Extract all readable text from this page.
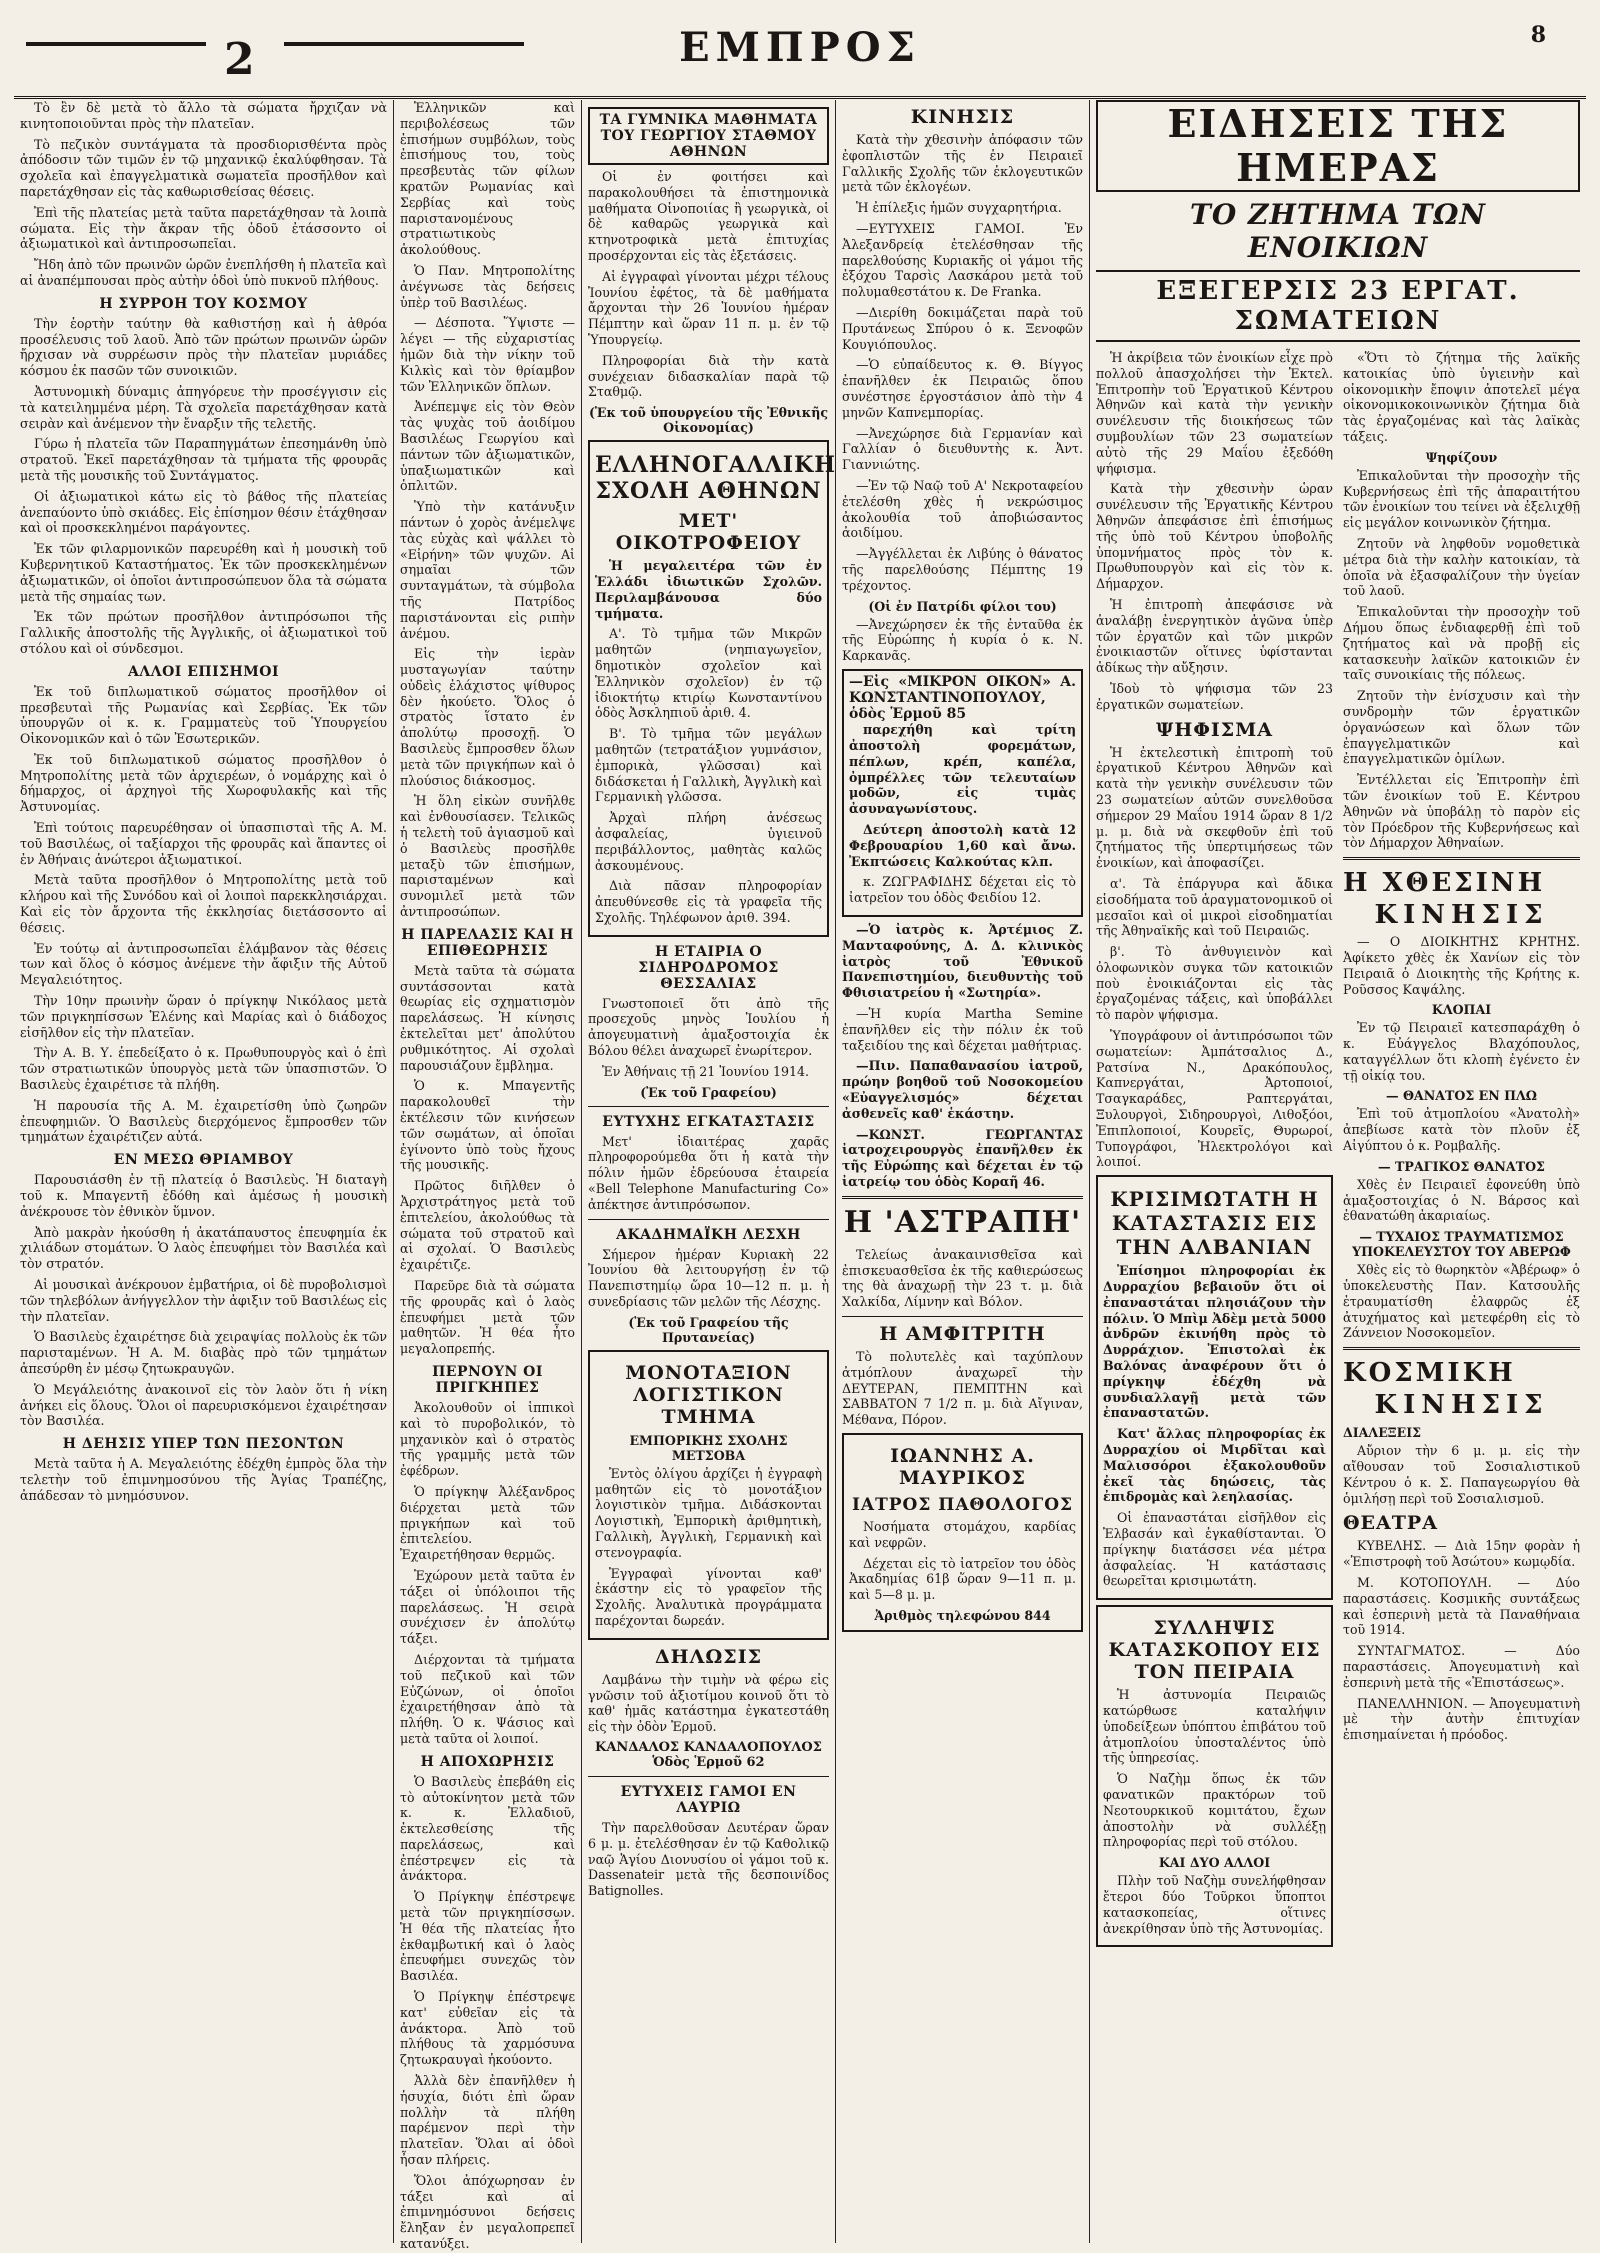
2	ΕΜΠΡΟΣ	8

Τὸ ἓν δὲ μετὰ τὸ ἄλλο τὰ σώματα ἤρχιζαν νὰ κινητοποιοῦνται πρὸς τὴν πλατεῖαν.

Τὸ πεζικὸν συντάγματα τὰ προσδιορισθέντα πρὸς ἀπόδοσιν τῶν τιμῶν ἐν τῷ μηχανικῷ ἐκαλύφθησαν. Τὰ σχολεῖα καὶ ἐπαγγελματικὰ σωματεῖα προσῆλθον καὶ παρετάχθησαν εἰς τὰς καθωρισθείσας θέσεις.

Ἐπὶ τῆς πλατείας μετὰ ταῦτα παρετάχθησαν τὰ λοιπὰ σώματα. Εἰς τὴν ἄκραν τῆς ὁδοῦ ἐτάσσοντο οἱ ἀξιωματικοὶ καὶ ἀντιπροσωπεῖαι.

Ἤδη ἀπὸ τῶν πρωινῶν ὡρῶν ἐνεπλήσθη ἡ πλατεῖα καὶ αἱ ἀναπέμπουσαι πρὸς αὐτὴν ὁδοὶ ὑπὸ πυκνοῦ πλήθους.

Η ΣΥΡΡΟΗ ΤΟΥ ΚΟΣΜΟΥ

Τὴν ἑορτὴν ταύτην θὰ καθιστήσῃ καὶ ἡ ἀθρόα προσέλευσις τοῦ λαοῦ. Ἀπὸ τῶν πρώτων πρωινῶν ὡρῶν ἤρχισαν νὰ συρρέωσιν πρὸς τὴν πλατεῖαν μυριάδες κόσμου ἐκ πασῶν τῶν συνοικιῶν.

Ἀστυνομικὴ δύναμις ἀπηγόρευε τὴν προσέγγισιν εἰς τὰ κατειλημμένα μέρη. Τὰ σχολεῖα παρετάχθησαν κατὰ σειρὰν καὶ ἀνέμενον τὴν ἔναρξιν τῆς τελετῆς.

Γύρω ἡ πλατεῖα τῶν Παραπηγμάτων ἐπεσημάνθη ὑπὸ στρατοῦ. Ἐκεῖ παρετάχθησαν τὰ τμήματα τῆς φρουρᾶς μετὰ τῆς μουσικῆς τοῦ Συντάγματος.

Οἱ ἀξιωματικοὶ κάτω εἰς τὸ βάθος τῆς πλατείας ἀνεπαύοντο ὑπὸ σκιάδες. Εἰς ἐπίσημον θέσιν ἐτάχθησαν καὶ οἱ προσκεκλημένοι παράγοντες.

Ἐκ τῶν φιλαρμονικῶν παρευρέθη καὶ ἡ μουσικὴ τοῦ Κυβερνητικοῦ Καταστήματος. Ἐκ τῶν προσκεκλημένων ἀξιωματικῶν, οἱ ὁποῖοι ἀντιπροσώπευον ὅλα τὰ σώματα μετὰ τῆς σημαίας των.

Ἐκ τῶν πρώτων προσῆλθον ἀντιπρόσωποι τῆς Γαλλικῆς ἀποστολῆς τῆς Ἀγγλικῆς, οἱ ἀξιωματικοὶ τοῦ στόλου καὶ οἱ σύνδεσμοι.

ΑΛΛΟΙ ΕΠΙΣΗΜΟΙ

Ἐκ τοῦ διπλωματικοῦ σώματος προσῆλθον οἱ πρεσβευταὶ τῆς Ρωμανίας καὶ Σερβίας. Ἐκ τῶν ὑπουργῶν οἱ κ. κ. Γραμματεὺς τοῦ Ὑπουργείου Οἰκονομικῶν καὶ ὁ τῶν Ἐσωτερικῶν.

Ἐκ τοῦ διπλωματικοῦ σώματος προσῆλθον ὁ Μητροπολίτης μετὰ τῶν ἀρχιερέων, ὁ νομάρχης καὶ ὁ δήμαρχος, οἱ ἀρχηγοὶ τῆς Χωροφυλακῆς καὶ τῆς Ἀστυνομίας.

Ἐπὶ τούτοις παρευρέθησαν οἱ ὑπασπισταὶ τῆς Α. Μ. τοῦ Βασιλέως, οἱ ταξίαρχοι τῆς φρουρᾶς καὶ ἅπαντες οἱ ἐν Ἀθήναις ἀνώτεροι ἀξιωματικοί.

Μετὰ ταῦτα προσῆλθον ὁ Μητροπολίτης μετὰ τοῦ κλήρου καὶ τῆς Συνόδου καὶ οἱ λοιποὶ παρεκκλησιάρχαι. Καὶ εἰς τὸν ἄρχοντα τῆς ἐκκλησίας διετάσσοντο αἱ θέσεις.

Ἐν τούτῳ αἱ ἀντιπροσωπεῖαι ἐλάμβανον τὰς θέσεις των καὶ ὅλος ὁ κόσμος ἀνέμενε τὴν ἄφιξιν τῆς Αὐτοῦ Μεγαλειότητος.

Τὴν 10ην πρωινὴν ὥραν ὁ πρίγκηψ Νικόλαος μετὰ τῶν πριγκηπίσσων Ἑλένης καὶ Μαρίας καὶ ὁ διάδοχος εἰσῆλθον εἰς τὴν πλατεῖαν.

Τὴν Α. Β. Υ. ἐπεδείξατο ὁ κ. Πρωθυπουργὸς καὶ ὁ ἐπὶ τῶν στρατιωτικῶν ὑπουργὸς μετὰ τῶν ὑπασπιστῶν. Ὁ Βασιλεὺς ἐχαιρέτισε τὰ πλήθη.

Ἡ παρουσία τῆς Α. Μ. ἐχαιρετίσθη ὑπὸ ζωηρῶν ἐπευφημιῶν. Ὁ Βασιλεὺς διερχόμενος ἔμπροσθεν τῶν τμημάτων ἐχαιρέτιζεν αὐτά.

ΕΝ ΜΕΣΩ ΘΡΙΑΜΒΟΥ

Παρουσιάσθη ἐν τῇ πλατείᾳ ὁ Βασιλεὺς. Ἡ διαταγὴ τοῦ κ. Μπαγεντῆ ἐδόθη καὶ ἀμέσως ἡ μουσικὴ ἀνέκρουσε τὸν ἐθνικὸν ὕμνον.

Ἀπὸ μακρὰν ἠκούσθη ἡ ἀκατάπαυστος ἐπευφημία ἐκ χιλιάδων στομάτων. Ὁ λαὸς ἐπευφήμει τὸν Βασιλέα καὶ τὸν στρατόν.

Αἱ μουσικαὶ ἀνέκρουον ἐμβατήρια, οἱ δὲ πυροβολισμοὶ τῶν τηλεβόλων ἀνήγγελλον τὴν ἀφιξιν τοῦ Βασιλέως εἰς τὴν πλατεῖαν.

Ὁ Βασιλεὺς ἐχαιρέτησε διὰ χειραψίας πολλοὺς ἐκ τῶν παρισταμένων. Ἡ Α. Μ. διαβὰς πρὸ τῶν τμημάτων ἀπεσύρθη ἐν μέσῳ ζητωκραυγῶν.

Ὁ Μεγάλειότης ἀνακοινοῖ εἰς τὸν λαὸν ὅτι ἡ νίκη ἀνήκει εἰς ὅλους. Ὅλοι οἱ παρευρισκόμενοι ἐχαιρέτησαν τὸν Βασιλέα.

Η ΔΕΗΣΙΣ ΥΠΕΡ ΤΩΝ ΠΕΣΟΝΤΩΝ

Μετὰ ταῦτα ἡ Α. Μεγαλειότης ἐδέχθη ἐμπρὸς ὅλα τὴν τελετὴν τοῦ ἐπιμνημοσύνου τῆς Ἁγίας Τραπέζης, ἀπάδεσαν τὸ μνημόσυνον.

Ἑλληνικῶν καὶ περιβολέσεως τῶν ἐπισήμων συμβόλων, τοὺς ἐπισήμους του, τοὺς πρεσβευτὰς τῶν φίλων κρατῶν Ρωμανίας καὶ Σερβίας καὶ τοὺς παριστανομένους στρατιωτικοὺς ἀκολούθους.

Ὁ Παν. Μητροπολίτης ἀνέγνωσε τὰς δεήσεις ὑπὲρ τοῦ Βασιλέως.

— Δέσποτα. Ὕψιστε — λέγει — τῆς εὐχαριστίας ἡμῶν διὰ τὴν νίκην τοῦ Κιλκὶς καὶ τὸν θρίαμβον τῶν Ἑλληνικῶν ὅπλων.

Ἀνέπεμψε εἰς τὸν Θεὸν τὰς ψυχὰς τοῦ ἀοιδίμου Βασιλέως Γεωργίου καὶ πάντων τῶν ἀξιωματικῶν, ὑπαξιωματικῶν καὶ ὁπλιτῶν.

Ὑπὸ τὴν κατάνυξιν πάντων ὁ χορὸς ἀνέμελψε τὰς εὐχὰς καὶ ψάλλει τὸ «Εἰρήνη» τῶν ψυχῶν. Αἱ σημαῖαι τῶν συνταγμάτων, τὰ σύμβολα τῆς Πατρίδος παριστάνονται εἰς ριπὴν ἀνέμου.

Εἰς τὴν ἱερὰν μυσταγωγίαν ταύτην οὐδεὶς ἐλάχιστος ψίθυρος δὲν ἠκούετο. Ὅλος ὁ στρατὸς ἵστατο ἐν ἀπολύτῳ προσοχῇ. Ὁ Βασιλεὺς ἔμπροσθεν ὅλων μετὰ τῶν πριγκήπων καὶ ὁ πλούσιος διάκοσμος.

Ἡ ὅλη εἰκὼν συνῆλθε καὶ ἐνθουσίασεν. Τελικῶς ἡ τελετὴ τοῦ ἁγιασμοῦ καὶ ὁ Βασιλεὺς προσῆλθε μεταξὺ τῶν ἐπισήμων, παρισταμένων καὶ συνομιλεῖ μετὰ τῶν ἀντιπροσώπων.

Η ΠΑΡΕΛΑΣΙΣ ΚΑΙ Η ΕΠΙΘΕΩΡΗΣΙΣ

Μετὰ ταῦτα τὰ σώματα συντάσσονται κατὰ θεωρίας εἰς σχηματισμὸν παρελάσεως. Ἡ κίνησις ἐκτελεῖται μετ' ἀπολύτου ρυθμικότητος. Αἱ σχολαὶ παρουσιάζουν ἔμβλημα.

Ὁ κ. Μπαγεντῆς παρακολουθεῖ τὴν ἐκτέλεσιν τῶν κινήσεων τῶν σωμάτων, αἱ ὁποῖαι ἐγίνοντο ὑπὸ τοὺς ἤχους τῆς μουσικῆς.

Πρῶτος διῆλθεν ὁ Ἀρχιστράτηγος μετὰ τοῦ ἐπιτελείου, ἀκολούθως τὰ σώματα τοῦ στρατοῦ καὶ αἱ σχολαί. Ὁ Βασιλεὺς ἐχαιρέτιζε.

Παρεῦρε διὰ τὰ σώματα τῆς φρουρᾶς καὶ ὁ λαὸς ἐπευφήμει μετὰ τῶν μαθητῶν. Ἡ θέα ἦτο μεγαλοπρεπής.

ΠΕΡΝΟΥΝ ΟΙ ΠΡΙΓΚΗΠΕΣ

Ἀκολουθοῦν οἱ ἱππικοὶ καὶ τὸ πυροβολικόν, τὸ μηχανικὸν καὶ ὁ στρατὸς τῆς γραμμῆς μετὰ τῶν ἐφέδρων.

Ὁ πρίγκηψ Ἀλέξανδρος διέρχεται μετὰ τῶν πριγκήπων καὶ τοῦ ἐπιτελείου. Ἐχαιρετήθησαν θερμῶς.

Ἐχώρουν μετὰ ταῦτα ἐν τάξει οἱ ὑπόλοιποι τῆς παρελάσεως. Ἡ σειρὰ συνέχισεν ἐν ἀπολύτῳ τάξει.

Διέρχονται τὰ τμήματα τοῦ πεζικοῦ καὶ τῶν Εὐζώνων, οἱ ὁποῖοι ἐχαιρετήθησαν ἀπὸ τὰ πλήθη. Ὁ κ. Ψάσιος καὶ μετὰ ταῦτα οἱ λοιποί.

Η ΑΠΟΧΩΡΗΣΙΣ

Ὁ Βασιλεὺς ἐπεβάθη εἰς τὸ αὐτοκίνητον μετὰ τῶν κ. κ. Ἐλλαδιοῦ, ἐκτελεσθείσης τῆς παρελάσεως, καὶ ἐπέστρεψεν εἰς τὰ ἀνάκτορα.

Ὁ Πρίγκηψ ἐπέστρεψε μετὰ τῶν πριγκηπίσσων. Ἡ θέα τῆς πλατείας ἦτο ἐκθαμβωτική καὶ ὁ λαὸς ἐπευφήμει συνεχῶς τὸν Βασιλέα.

Ὁ Πρίγκηψ ἐπέστρεψε κατ' εὐθεῖαν εἰς τὰ ἀνάκτορα. Ἀπὸ τοῦ πλήθους τὰ χαρμόσυνα ζητωκραυγαὶ ἠκούοντο.

Ἀλλὰ δὲν ἐπανῆλθεν ἡ ἡσυχία, διότι ἐπὶ ὥραν πολλὴν τὰ πλήθη παρέμενον περὶ τὴν πλατεῖαν. Ὅλαι αἱ ὁδοὶ ἦσαν πλήρεις.

Ὅλοι ἀπόχωρησαν ἐν τάξει καὶ αἱ ἐπιμνημόσυνοι δεήσεις ἔληξαν ἐν μεγαλοπρεπεῖ κατανύξει.

ΤΑ ΓΥΜΝΙΚΑ ΜΑΘΗΜΑΤΑ ΤΟΥ ΓΕΩΡΓΙΟΥ ΣΤΑΘΜΟΥ ΑΘΗΝΩΝ

Οἱ ἐν φοιτήσει καὶ παρακολουθήσει τὰ ἐπιστημονικὰ μαθήματα Οἰνοποιίας ἢ γεωργικὰ, οἱ δὲ καθαρῶς γεωργικὰ καὶ κτηνοτροφικὰ μετὰ ἐπιτυχίας προσέρχονται εἰς τὰς ἐξετάσεις.

Αἱ ἐγγραφαὶ γίνονται μέχρι τέλους Ἰουνίου ἐφέτος, τὰ δὲ μαθήματα ἄρχονται τὴν 26 Ἰουνίου ἡμέραν Πέμπτην καὶ ὥραν 11 π. μ. ἐν τῷ Ὑπουργείῳ.

Πληροφορίαι διὰ τὴν κατὰ συνέχειαν διδασκαλίαν παρὰ τῷ Σταθμῷ.

(Ἐκ τοῦ ὑπουργείου τῆς Ἐθνικῆς Οἰκονομίας)
ΕΛΛΗΝΟΓΑΛΛΙΚΗ ΣΧΟΛΗ ΑΘΗΝΩΝ
ΜΕΤ' ΟΙΚΟΤΡΟΦΕΙΟΥ

Ἡ μεγαλειτέρα τῶν ἐν Ἑλλάδι ἰδιωτικῶν Σχολῶν. Περιλαμβάνουσα δύο τμήματα.

Α'. Τὸ τμῆμα τῶν Μικρῶν μαθητῶν (νηπιαγωγεῖον, δημοτικὸν σχολεῖον καὶ Ἑλληνικὸν σχολεῖον) ἐν τῷ ἰδιοκτήτῳ κτιρίῳ Κωνσταντίνου ὁδὸς Ἀσκληπιοῦ ἀριθ. 4.

Β'. Τὸ τμῆμα τῶν μεγάλων μαθητῶν (τετρατάξιον γυμνάσιον, ἐμπορικὰ, γλῶσσαι) καὶ διδάσκεται ἡ Γαλλικὴ, Ἀγγλικὴ καὶ Γερμανικὴ γλῶσσα.

Ἀρχαὶ πλήρη ἀνέσεως ἀσφαλείας, ὑγιεινοῦ περιβάλλοντος, μαθητὰς καλῶς ἀσκουμένους.

Διὰ πᾶσαν πληροφορίαν ἀπευθύνεσθε εἰς τὰ γραφεῖα τῆς Σχολῆς. Τηλέφωνον ἀριθ. 394.

Η ΕΤΑΙΡΙΑ Ο ΣΙΔΗΡΟΔΡΟΜΟΣ ΘΕΣΣΑΛΙΑΣ

Γνωστοποιεῖ ὅτι ἀπὸ τῆς προσεχοῦς μηνὸς Ἰουλίου ἡ ἀπογευματινὴ ἀμαξοστοιχία ἐκ Βόλου θέλει ἀναχωρεῖ ἐνωρίτερον.

Ἐν Ἀθήναις τῇ 21 Ἰουνίου 1914.

(Ἐκ τοῦ Γραφείου)
ΕΥΤΥΧΗΣ ΕΓΚΑΤΑΣΤΑΣΙΣ

Μετ' ἰδιαιτέρας χαρᾶς πληροφορούμεθα ὅτι ἡ κατὰ τὴν πόλιν ἡμῶν ἐδρεύουσα ἑταιρεία «Bell Telephone Manufacturing Co» ἀπέκτησε ἀντιπρόσωπον.

ΑΚΑΔΗΜΑΪΚΗ ΛΕΣΧΗ

Σήμερον ἡμέραν Κυριακὴ 22 Ἰουνίου θὰ λειτουργήσῃ ἐν τῷ Πανεπιστημίῳ ὥρα 10—12 π. μ. ἡ συνεδρίασις τῶν μελῶν τῆς Λέσχης.

(Ἐκ τοῦ Γραφείου τῆς Πρυτανείας)
ΜΟΝΟΤΑΞΙΟΝ ΛΟΓΙΣΤΙΚΟΝ ΤΜΗΜΑ
ΕΜΠΟΡΙΚΗΣ ΣΧΟΛΗΣ ΜΕΤΣΟΒΑ

Ἐντὸς ὀλίγου ἀρχίζει ἡ ἐγγραφὴ μαθητῶν εἰς τὸ μονοτάξιον λογιστικὸν τμῆμα. Διδάσκονται Λογιστικὴ, Ἐμπορικὴ ἀριθμητικὴ, Γαλλικὴ, Ἀγγλικὴ, Γερμανικὴ καὶ στενογραφία.

Ἐγγραφαὶ γίνονται καθ' ἑκάστην εἰς τὸ γραφεῖον τῆς Σχολῆς. Ἀναλυτικὰ προγράμματα παρέχονται δωρεάν.

ΔΗΛΩΣΙΣ

Λαμβάνω τὴν τιμὴν νὰ φέρω εἰς γνῶσιν τοῦ ἀξιοτίμου κοινοῦ ὅτι τὸ καθ' ἡμᾶς κατάστημα ἐγκατεστάθη εἰς τὴν ὁδὸν Ἑρμοῦ.

ΚΑΝΔΑΛΟΣ ΚΑΝΔΑΛΟΠΟΥΛΟΣ
Ὁδὸς Ἑρμοῦ 62
ΕΥΤΥΧΕΙΣ ΓΑΜΟΙ ΕΝ ΛΑΥΡΙΩ

Τὴν παρελθοῦσαν Δευτέραν ὥραν 6 μ. μ. ἐτελέσθησαν ἐν τῷ Καθολικῷ ναῷ Ἁγίου Διονυσίου οἱ γάμοι τοῦ κ. Dassenateir μετὰ τῆς δεσποινίδος Batignolles.

ΚΙΝΗΣΙΣ

Κατὰ τὴν χθεσινὴν ἀπόφασιν τῶν ἐφοπλιστῶν τῆς ἐν Πειραιεῖ Γαλλικῆς Σχολῆς τῶν ἐκλογευτικῶν μετὰ τῶν ἐκλογέων.

Ἡ ἐπίλεξις ἡμῶν συγχαρητήρια.

—ΕΥΤΥΧΕΙΣ ΓΑΜΟΙ. Ἐν Ἀλεξανδρείᾳ ἐτελέσθησαν τῆς παρελθούσης Κυριακῆς οἱ γάμοι τῆς ἐξόχου Ταρσὶς Λασκάρου μετὰ τοῦ πολυμαθεστάτου κ. De Franka.

—Διερίθη δοκιμάζεται παρὰ τοῦ Πρυτάνεως Σπύρου ὁ κ. Ξενοφῶν Κουγιόπουλος.

—Ὁ εὐπαίδευτος κ. Θ. Βίγγος ἐπανῆλθεν ἐκ Πειραιῶς ὅπου συνέστησε ἐργοστάσιον ἀπὸ τὴν 4 μηνῶν Καπνεμπορίας.

—Ἀνεχώρησε διὰ Γερμανίαν καὶ Γαλλίαν ὁ διευθυντὴς κ. Ἀντ. Γιαννιώτης.

—Ἐν τῷ Ναῷ τοῦ Α' Νεκροταφείου ἐτελέσθη χθὲς ἡ νεκρώσιμος ἀκολουθία τοῦ ἀποβιώσαντος ἀοιδίμου.

—Ἀγγέλλεται ἐκ Λιβύης ὁ θάνατος τῆς παρελθούσης Πέμπτης 19 τρέχοντος.

(Οἱ ἐν Πατρίδι φίλοι του)

—Ἀνεχώρησεν ἐκ τῆς ἐνταῦθα ἐκ τῆς Εὐρώπης ἡ κυρία ὁ κ. Ν. Καρκανᾶς.

—Εἰς «ΜΙΚΡΟΝ ΟΙΚΟΝ» Α. ΚΩΝΣΤΑΝΤΙΝΟΠΟΥΛΟΥ, ὁδὸς Ἑρμοῦ 85

παρεχήθη καὶ τρίτη ἀποστολὴ φορεμάτων, πέπλων, κρέπ, καπέλα, ὀμπρέλλες τῶν τελευταίων μοδῶν, εἰς τιμὰς ἀσυναγωνίστους.

Δεύτερη ἀποστολὴ κατὰ 12 Φεβρουαρίου 1,60 καὶ ἄνω. Ἐκπτώσεις Καλκούτας κλπ.

κ. ΖΩΓΡΑΦΙΔΗΣ δέχεται εἰς τὸ ἰατρεῖον του ὁδὸς Φειδίου 12.

—Ὁ ἰατρὸς κ. Ἀρτέμιος Ζ. Μανταφούνης, Δ. Δ. κλινικὸς ἰατρὸς τοῦ Ἐθνικοῦ Πανεπιστημίου, διευθυντὴς τοῦ Φθισιατρείου ἡ «Σωτηρία».

—Ἡ κυρία Martha Semine ἐπανῆλθεν εἰς τὴν πόλιν ἐκ τοῦ ταξειδίου της καὶ δέχεται μαθήτριας.

—Πιν. Παπαθανασίου ἰατροῦ, πρώην βοηθοῦ τοῦ Νοσοκομείου «Εὐαγγελισμός» δέχεται ἀσθενεῖς καθ' ἑκάστην.

—ΚΩΝΣΤ. ΓΕΩΡΓΑΝΤΑΣ ἰατροχειρουργὸς ἐπανῆλθεν ἐκ τῆς Εὐρώπης καὶ δέχεται ἐν τῷ ἰατρείῳ του ὁδὸς Κοραῆ 46.

Η 'ΑΣΤΡΑΠΗ'

Τελείως ἀνακαινισθεῖσα καὶ ἐπισκευασθεῖσα ἐκ τῆς καθιερώσεως της θὰ ἀναχωρῇ τὴν 23 τ. μ. διὰ Χαλκίδα, Λίμνην καὶ Βόλον.

Η ΑΜΦΙΤΡΙΤΗ

Τὸ πολυτελὲς καὶ ταχύπλουν ἀτμόπλουν ἀναχωρεῖ τὴν ΔΕΥΤΕΡΑΝ, ΠΕΜΠΤΗΝ καὶ ΣΑΒΒΑΤΟΝ 7 1/2 π. μ. διὰ Αἴγιναν, Μέθανα, Πόρον.

ΙΩΑΝΝΗΣ Α. ΜΑΥΡΙΚΟΣ
ΙΑΤΡΟΣ ΠΑΘΟΛΟΓΟΣ

Νοσήματα στομάχου, καρδίας καὶ νεφρῶν.

Δέχεται εἰς τὸ ἰατρεῖον του ὁδὸς Ἀκαδημίας 61β ὥραν 9—11 π. μ. καὶ 5—8 μ. μ.

Ἀριθμὸς τηλεφώνου 844
ΕΙΔΗΣΕΙΣ ΤΗΣ ΗΜΕΡΑΣ
ΤΟ ΖΗΤΗΜΑ ΤΩΝ ΕΝΟΙΚΙΩΝ
ΕΞΕΓΕΡΣΙΣ 23 ΕΡΓΑΤ. ΣΩΜΑΤΕΙΩΝ

Ἡ ἀκρίβεια τῶν ἐνοικίων εἶχε πρὸ πολλοῦ ἀπασχολήσει τὴν Ἐκτελ. Ἐπιτροπὴν τοῦ Ἐργατικοῦ Κέντρου Ἀθηνῶν καὶ κατὰ τὴν γενικὴν συνέλευσιν τῆς διοικήσεως τῶν συμβουλίων τῶν 23 σωματείων αὐτὸ τῆς 29 Μαΐου ἐξεδόθη ψήφισμα.

Κατὰ τὴν χθεσινὴν ὡραν συνέλευσιν τῆς Ἐργατικῆς Κέντρου Ἀθηνῶν ἀπεφάσισε ἐπὶ ἐπισήμως τῆς ὑπὸ τοῦ Κέντρου ὑποβολῆς ὑπομνήματος πρὸς τὸν κ. Πρωθυπουργὸν καὶ εἰς τὸν κ. Δήμαρχον.

Ἡ ἐπιτροπὴ ἀπεφάσισε νὰ ἀναλάβῃ ἐνεργητικὸν ἀγῶνα ὑπὲρ τῶν ἐργατῶν καὶ τῶν μικρῶν ἐνοικιαστῶν οἵτινες ὑφίστανται ἀδίκως τὴν αὔξησιν.

Ἰδοὺ τὸ ψήφισμα τῶν 23 ἐργατικῶν σωματείων.

ΨΗΦΙΣΜΑ

Ἡ ἐκτελεστικὴ ἐπιτροπὴ τοῦ ἐργατικοῦ Κέντρου Ἀθηνῶν καὶ κατὰ τὴν γενικὴν συνέλευσιν τῶν 23 σωματείων αὐτῶν συνελθοῦσα σήμερον 29 Μαΐου 1914 ὥραν 8 1/2 μ. μ. διὰ νὰ σκεφθοῦν ἐπὶ τοῦ ζητήματος τῆς ὑπερτιμήσεως τῶν ἐνοικίων, καὶ ἀποφασίζει.

α'. Τὰ ἐπάργυρα καὶ ἄδικα εἰσοδήματα τοῦ ἀραγματονομικοῦ οἱ μεσαῖοι καὶ οἱ μικροὶ εἰσοδηματίαι τῆς Ἀθηναϊκῆς καὶ τοῦ Πειραιῶς.

β'. Τὸ ἀνθυγιεινὸν καὶ ὀλοφωνικὸν συγκα τῶν κατοικιῶν ποὺ ἐνοικιάζονται εἰς τὰς ἐργαζομένας τάξεις, καὶ ὑποβάλλει τὸ παρὸν ψήφισμα.

Ὑπογράφουν οἱ ἀντιπρόσωποι τῶν σωματείων: Ἀμπάτσαλιος Δ., Ρατσίνα Ν., Δρακόπουλος, Καπνεργάται, Ἀρτοποιοί, Τσαγκαράδες, Ραπτεργάται, Ξυλουργοὶ, Σιδηρουργοὶ, Λιθοξόοι, Ἐπιπλοποιοί, Κουρεῖς, Θυρωροί, Τυπογράφοι, Ἠλεκτρολόγοι καὶ λοιποί.

ΚΡΙΣΙΜΩΤΑΤΗ Η ΚΑΤΑΣΤΑΣΙΣ ΕΙΣ ΤΗΝ ΑΛΒΑΝΙΑΝ

Ἐπίσημοι πληροφορίαι ἐκ Δυρραχίου βεβαιοῦν ὅτι οἱ ἐπαναστάται πλησιάζουν τὴν πόλιν. Ὁ Μπὶμ Ἀδὲμ μετὰ 5000 ἀνδρῶν ἐκινήθη πρὸς τὸ Δυρράχιον. Ἐπιστολαὶ ἐκ Βαλόνας ἀναφέρουν ὅτι ὁ πρίγκηψ ἐδέχθη νὰ συνδιαλλαγῇ μετὰ τῶν ἐπαναστατῶν.

Κατ' ἄλλας πληροφορίας ἐκ Δυρραχίου οἱ Μιρδῖται καὶ Μαλισσόροι ἐξακολουθοῦν ἐκεῖ τὰς δηώσεις, τὰς ἐπιδρομὰς καὶ λεηλασίας.

Οἱ ἐπαναστάται εἰσῆλθον εἰς Ἐλβασάν καὶ ἐγκαθίστανται. Ὁ πρίγκηψ διατάσσει νέα μέτρα ἀσφαλείας. Ἡ κατάστασις θεωρεῖται κρισιμωτάτη.

ΣΥΛΛΗΨΙΣ ΚΑΤΑΣΚΟΠΟΥ ΕΙΣ ΤΟΝ ΠΕΙΡΑΙΑ

Ἡ ἀστυνομία Πειραιῶς κατώρθωσε καταλήψιν ὑποδείξεων ὑπόπτου ἐπιβάτου τοῦ ἀτμοπλοίου ὑποσταλέντος ὑπὸ τῆς ὑπηρεσίας.

Ὁ Ναζὴμ ὅπως ἐκ τῶν φανατικῶν πρακτόρων τοῦ Νεοτουρκικοῦ κομιτάτου, ἔχων ἀποστολὴν νὰ συλλέξῃ πληροφορίας περὶ τοῦ στόλου.

ΚΑΙ ΔΥΟ ΑΛΛΟΙ

Πλὴν τοῦ Ναζὴμ συνελήφθησαν ἔτεροι δύο Τοῦρκοι ὕποπτοι κατασκοπείας, οἵτινες ἀνεκρίθησαν ὑπὸ τῆς Ἀστυνομίας.

«Ὅτι τὸ ζήτημα τῆς λαϊκῆς κατοικίας ὑπὸ ὑγιεινὴν καὶ οἰκονομικὴν ἔποψιν ἀποτελεῖ μέγα οἰκονομικοκοινωνικὸν ζήτημα διὰ τὰς ἐργαζομένας καὶ τὰς λαϊκὰς τάξεις.

Ψηφίζουν

Ἐπικαλοῦνται τὴν προσοχὴν τῆς Κυβερνήσεως ἐπὶ τῆς ἀπαραιτήτου τῶν ἐνοικίων του τείνει νὰ ἐξελιχθῇ εἰς μεγάλον κοινωνικὸν ζήτημα.

Ζητοῦν νὰ ληφθοῦν νομοθετικὰ μέτρα διὰ τὴν καλὴν κατοικίαν, τὰ ὁποῖα νὰ ἐξασφαλίζουν τὴν ὑγείαν τοῦ λαοῦ.

Ἐπικαλοῦνται τὴν προσοχὴν τοῦ Δήμου ὅπως ἐνδιαφερθῇ ἐπὶ τοῦ ζητήματος καὶ νὰ προβῇ εἰς κατασκευὴν λαϊκῶν κατοικιῶν ἐν ταῖς συνοικίαις τῆς πόλεως.

Ζητοῦν τὴν ἐνίσχυσιν καὶ τὴν συνδρομὴν τῶν ἐργατικῶν ὀργανώσεων καὶ ὅλων τῶν ἐπαγγελματικῶν καὶ ἐπαγγελματικῶν ὁμίλων.

Ἐντέλλεται εἰς Ἐπιτροπὴν ἐπὶ τῶν ἐνοικίων τοῦ Ε. Κέντρου Ἀθηνῶν νὰ ὑποβάλῃ τὸ παρὸν εἰς τὸν Πρόεδρον τῆς Κυβερνήσεως καὶ τὸν Δήμαρχον Ἀθηναίων.

Η ΧΘΕΣΙΝΗ
ΚΙΝΗΣΙΣ

— Ο ΔΙΟΙΚΗΤΗΣ ΚΡΗΤΗΣ. Ἀφίκετο χθὲς ἐκ Χανίων εἰς τὸν Πειραιᾶ ὁ Διοικητὴς τῆς Κρήτης κ. Ροῦσσος Καψάλης.

ΚΛΟΠΑΙ

Ἐν τῷ Πειραιεῖ κατεσπαράχθη ὁ κ. Εὐάγγελος Βλαχόπουλος, καταγγέλλων ὅτι κλοπὴ ἐγένετο ἐν τῇ οἰκίᾳ του.

— ΘΑΝΑΤΟΣ ΕΝ ΠΛΩ

Ἐπὶ τοῦ ἀτμοπλοίου «Ἀνατολὴ» ἀπεβίωσε κατὰ τὸν πλοῦν ἐξ Αἰγύπτου ὁ κ. Ρομβαλῆς.

— ΤΡΑΓΙΚΟΣ ΘΑΝΑΤΟΣ

Χθὲς ἐν Πειραιεῖ ἐφονεύθη ὑπὸ ἁμαξοστοιχίας ὁ Ν. Βάρσος καὶ ἐθανατώθη ἀκαριαίως.

— ΤΥΧΑΙΟΣ ΤΡΑΥΜΑΤΙΣΜΟΣ ΥΠΟΚΕΛΕΥΣΤΟΥ ΤΟΥ ΑΒΕΡΩΦ

Χθὲς εἰς τὸ θωρηκτὸν «Ἀβέρωφ» ὁ ὑποκελευστὴς Παν. Κατσουλῆς ἐτραυματίσθη ἐλαφρῶς ἐξ ἀτυχήματος καὶ μετεφέρθη εἰς τὸ Ζάννειον Νοσοκομεῖον.

ΚΟΣΜΙΚΗ
ΚΙΝΗΣΙΣ
ΔΙΑΛΕΞΕΙΣ

Αὔριον τὴν 6 μ. μ. εἰς τὴν αἴθουσαν τοῦ Σοσιαλιστικοῦ Κέντρου ὁ κ. Σ. Παπαγεωργίου θὰ ὁμιλήσῃ περὶ τοῦ Σοσιαλισμοῦ.

ΘΕΑΤΡΑ

ΚΥΒΕΛΗΣ. — Διὰ 15ην φορὰν ἡ «Ἐπιστροφὴ τοῦ Ἀσώτου» κωμῳδία.

Μ. ΚΟΤΟΠΟΥΛΗ. — Δύο παραστάσεις. Κοσμικῆς συντάξεως καὶ ἐσπερινὴ μετὰ τὰ Παναθήναια τοῦ 1914.

ΣΥΝΤΑΓΜΑΤΟΣ. — Δύο παραστάσεις. Ἀπογευματινὴ καὶ ἐσπερινὴ μετὰ τῆς «Ἐπιστάσεως».

ΠΑΝΕΛΛΗΝΙΟΝ. — Ἀπογευματινὴ μὲ τὴν ἀυτὴν ἐπιτυχίαν ἐπισημαίνεται ἡ πρόοδος.
